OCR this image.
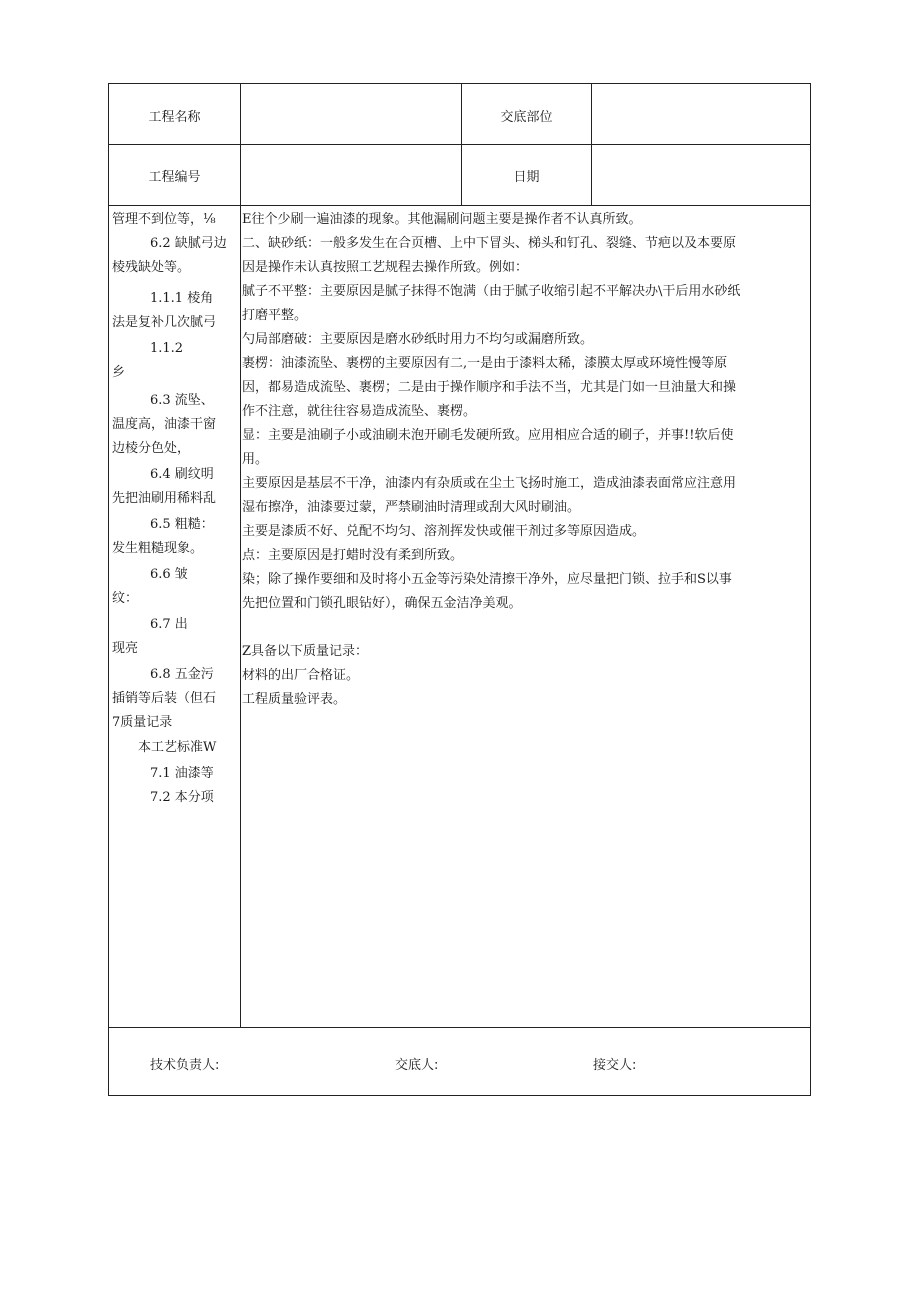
工程名称	交底部位
工程编号	日期
管理不到位等，⅛
6.2 缺腻弓边
棱残缺处等。
1.1.1 棱角
法是复补几次腻弓
1.1.2
乡
6.3 流坠、
温度高，油漆干窗
边棱分色处，
6.4 刷纹明
先把油刷用稀料乱
6.5 粗糙：
发生粗糙现象。
6.6 皱
纹：
6.7 出
现亮
6.8 五金污
插销等后装（但石
7质量记录
本工艺标准W
7.1 油漆等
7.2 本分项
E往个少刷一遍油漆的现象。其他漏刷问题主要是操作者不认真所致。
二、缺砂纸：一般多发生在合页槽、上中下冒头、梯头和钉孔、裂缝、节疤以及本要原
因是操作未认真按照工艺规程去操作所致。例如：
腻子不平整：主要原因是腻子抹得不饱满（由于腻子收缩引起不平解决办\干后用水砂纸
打磨平整。
勺局部磨破：主要原因是磨水砂纸时用力不均匀或漏磨所致。
裹楞：油漆流坠、裹楞的主要原因有二,一是由于漆料太稀，漆膜太厚或环境性慢等原
因，都易造成流坠、裹楞；二是由于操作顺序和手法不当，尤其是门如一旦油量大和操
作不注意，就往往容易造成流坠、裹楞。
显：主要是油刷子小或油刷未泡开刷毛发硬所致。应用相应合适的刷子，并事!!软后使
用。
主要原因是基层不干净，油漆内有杂质或在尘土飞扬时施工，造成油漆表面常应注意用
湿布擦净，油漆要过蒙，严禁刷油时清理或刮大风时刷油。
主要是漆质不好、兑配不均匀、溶剂挥发快或催干剂过多等原因造成。
点：主要原因是打蜡时没有柔到所致。
染；除了操作要细和及时将小五金等污染处清擦干净外，应尽量把门锁、拉手和S以事
先把位置和门锁孔眼钻好），确保五金洁净美观。
Z具备以下质量记录：
材料的出厂合格证。
工程质量验评表。
技术负责人:	交底人:	接交人:
